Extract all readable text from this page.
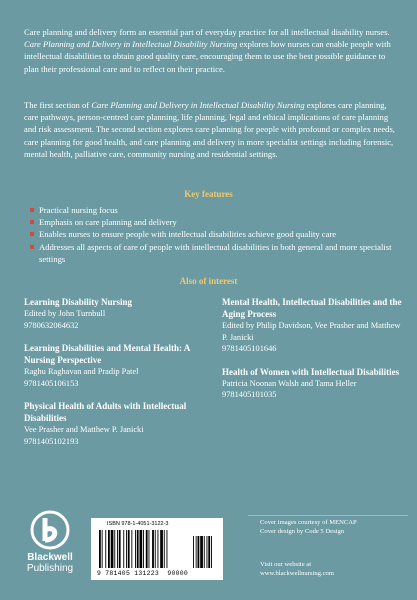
Care planning and delivery form an essential part of everyday practice for all intellectual disability nurses. Care Planning and Delivery in Intellectual Disability Nursing explores how nurses can enable people with intellectual disabilities to obtain good quality care, encouraging them to use the best possible guidance to plan their professional care and to reflect on their practice.

The first section of Care Planning and Delivery in Intellectual Disability Nursing explores care planning, care pathways, person-centred care planning, life planning, legal and ethical implications of care planning and risk assessment. The second section explores care planning for people with profound or complex needs, care planning for good health, and care planning and delivery in more specialist settings including forensic, mental health, palliative care, community nursing and residential settings.

Key features
Practical nursing focus
Emphasis on care planning and delivery
Enables nurses to ensure people with intellectual disabilities achieve good quality care
Addresses all aspects of care of people with intellectual disabilities in both general and more specialist settings
Also of interest
Learning Disability Nursing
Edited by John Turnbull
9780632064632
Learning Disabilities and Mental Health: A Nursing Perspective
Raghu Raghavan and Pradip Patel
9781405106153
Physical Health of Adults with Intellectual Disabilities
Vee Prasher and Matthew P. Janicki
9781405102193
Mental Health, Intellectual Disabilities and the Aging Process
Edited by Philip Davidson, Vee Prasher and Matthew P. Janicki
9781405101646
Health of Women with Intellectual Disabilities
Patricia Noonan Walsh and Tama Heller
9781405101035
Blackwell
Publishing
ISBN 978-1-4051-3122-3
9 781405 131223 90000
Cover images courtesy of MENCAP
Cover design by Code 5 Design
Visit our website at
www.blackwellnursing.com
